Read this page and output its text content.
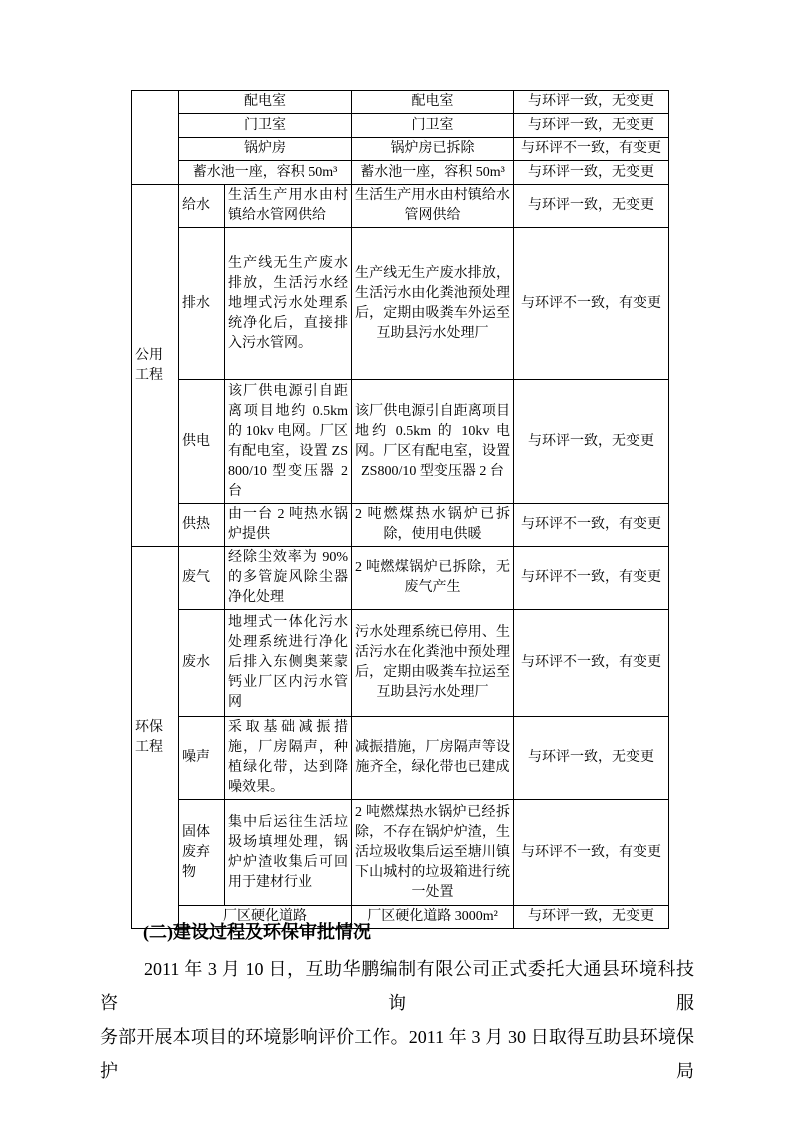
	配电室		配电室	与环评一致，无变更
	门卫室		门卫室	与环评一致，无变更
	锅炉房		锅炉房已拆除	与环评不一致，有变更
	蓄水池一座，容积 50m³		蓄水池一座，容积 50m³	与环评一致，无变更
公用工程	给水	生活生产用水由村镇给水管网供给	生活生产用水由村镇给水管网供给	与环评一致，无变更
	排水	生产线无生产废水排放，生活污水经地埋式污水处理系统净化后，直接排入污水管网。	生产线无生产废水排放，生活污水由化粪池预处理后，定期由吸粪车外运至互助县污水处理厂	与环评不一致，有变更
	供电	该厂供电源引自距离项目地约 0.5km 的 10kv 电网。厂区有配电室，设置 ZS800/10 型变压器 2 台	该厂供电源引自距离项目地约 0.5km 的 10kv 电网。厂区有配电室，设置 ZS800/10 型变压器 2 台	与环评一致，无变更
	供热	由一台 2 吨热水锅炉提供	2 吨燃煤热水锅炉已拆除，使用电供暖	与环评不一致，有变更
环保工程	废气	经除尘效率为 90%的多管旋风除尘器净化处理	2 吨燃煤锅炉已拆除，无废气产生	与环评不一致，有变更
	废水	地埋式一体化污水处理系统进行净化后排入东侧奥莱蒙钙业厂区内污水管网	污水处理系统已停用、生活污水在化粪池中预处理后，定期由吸粪车拉运至互助县污水处理厂	与环评不一致，有变更
	噪声	采取基础减振措施，厂房隔声，种植绿化带，达到降噪效果。	减振措施，厂房隔声等设施齐全，绿化带也已建成	与环评一致，无变更
	固体废弃物	集中后运往生活垃圾场填埋处理，锅炉炉渣收集后可回用于建材行业	2 吨燃煤热水锅炉已经拆除，不存在锅炉炉渣，生活垃圾收集后运至塘川镇下山城村的垃圾箱进行统一处置	与环评不一致，有变更
	厂区硬化道路		厂区硬化道路 3000m²	与环评一致，无变更
(二)建设过程及环保审批情况
2011 年 3 月 10 日，互助华鹏编制有限公司正式委托大通县环境科技咨询服
务部开展本项目的环境影响评价工作。2011 年 3 月 30 日取得互助县环境保护局
